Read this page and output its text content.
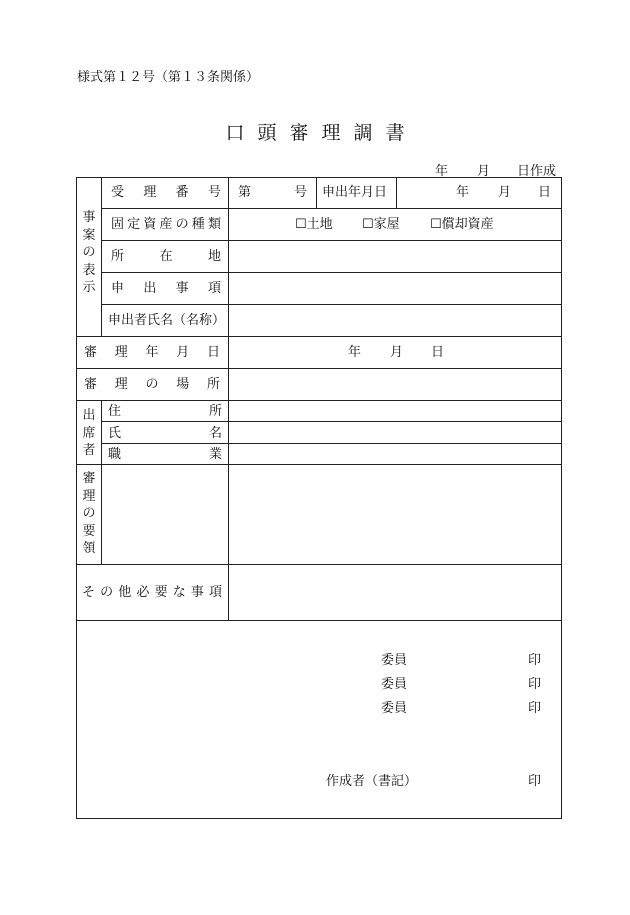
様式第１２号（第１３条関係）
口頭審理調書
年 月 日作成
事案の表示
受 理 番 号 第	号 申出年月日	年 月 日
固 定 資 産 の 種 類	☐土地 ☐家屋 ☐償却資産
所	在	地
申 出 事 項
申出者氏名（名称）
審 理 年 月 日	年 月 日
審 理 の 場 所
出席者
住	所
氏	名
職	業
審理の要領
そ の 他 必 要 な 事 項
委員	印
委員	印
委員	印
作成者（書記）	印
